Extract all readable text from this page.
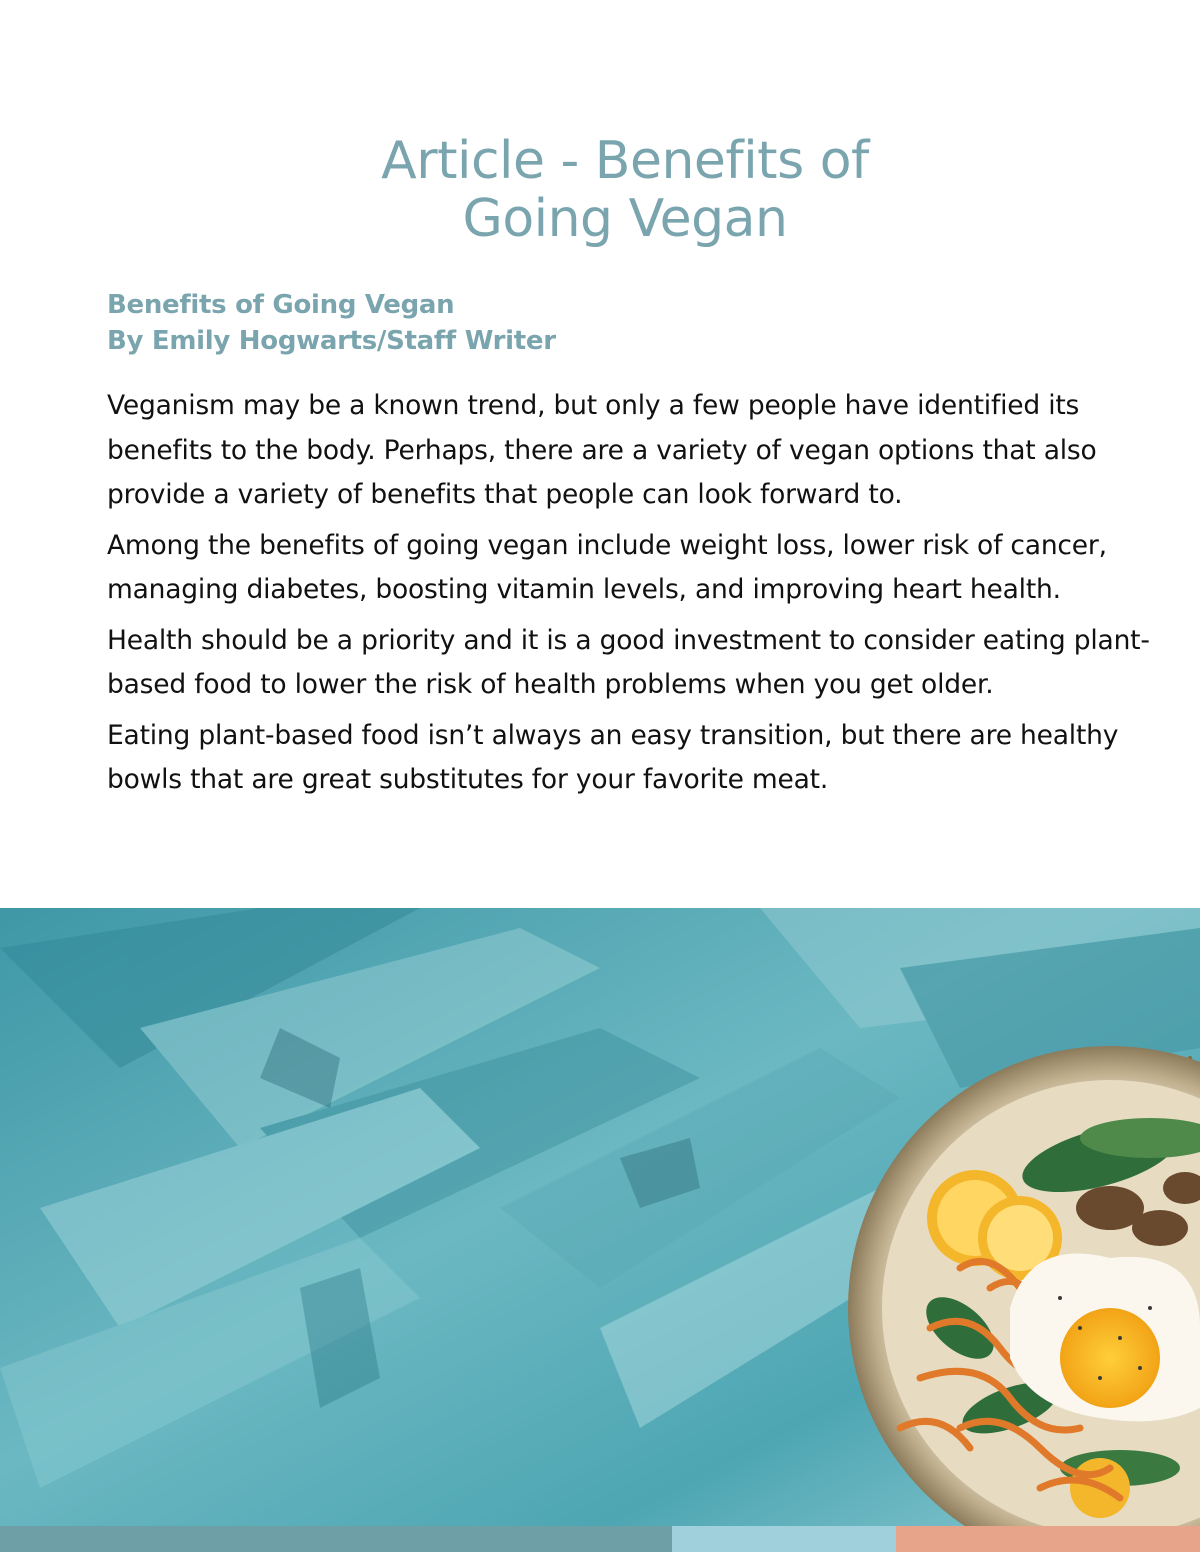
Article - Benefits of
Going Vegan
Benefits of Going Vegan
By Emily Hogwarts/Staff Writer

Veganism may be a known trend, but only a few people have identified its benefits to the body. Perhaps, there are a variety of vegan options that also provide a variety of benefits that people can look forward to.

Among the benefits of going vegan include weight loss, lower risk of cancer, managing diabetes, boosting vitamin levels, and improving heart health.

Health should be a priority and it is a good investment to consider eating plant-based food to lower the risk of health problems when you get older.

Eating plant-based food isn’t always an easy transition, but there are healthy bowls that are great substitutes for your favorite meat.
